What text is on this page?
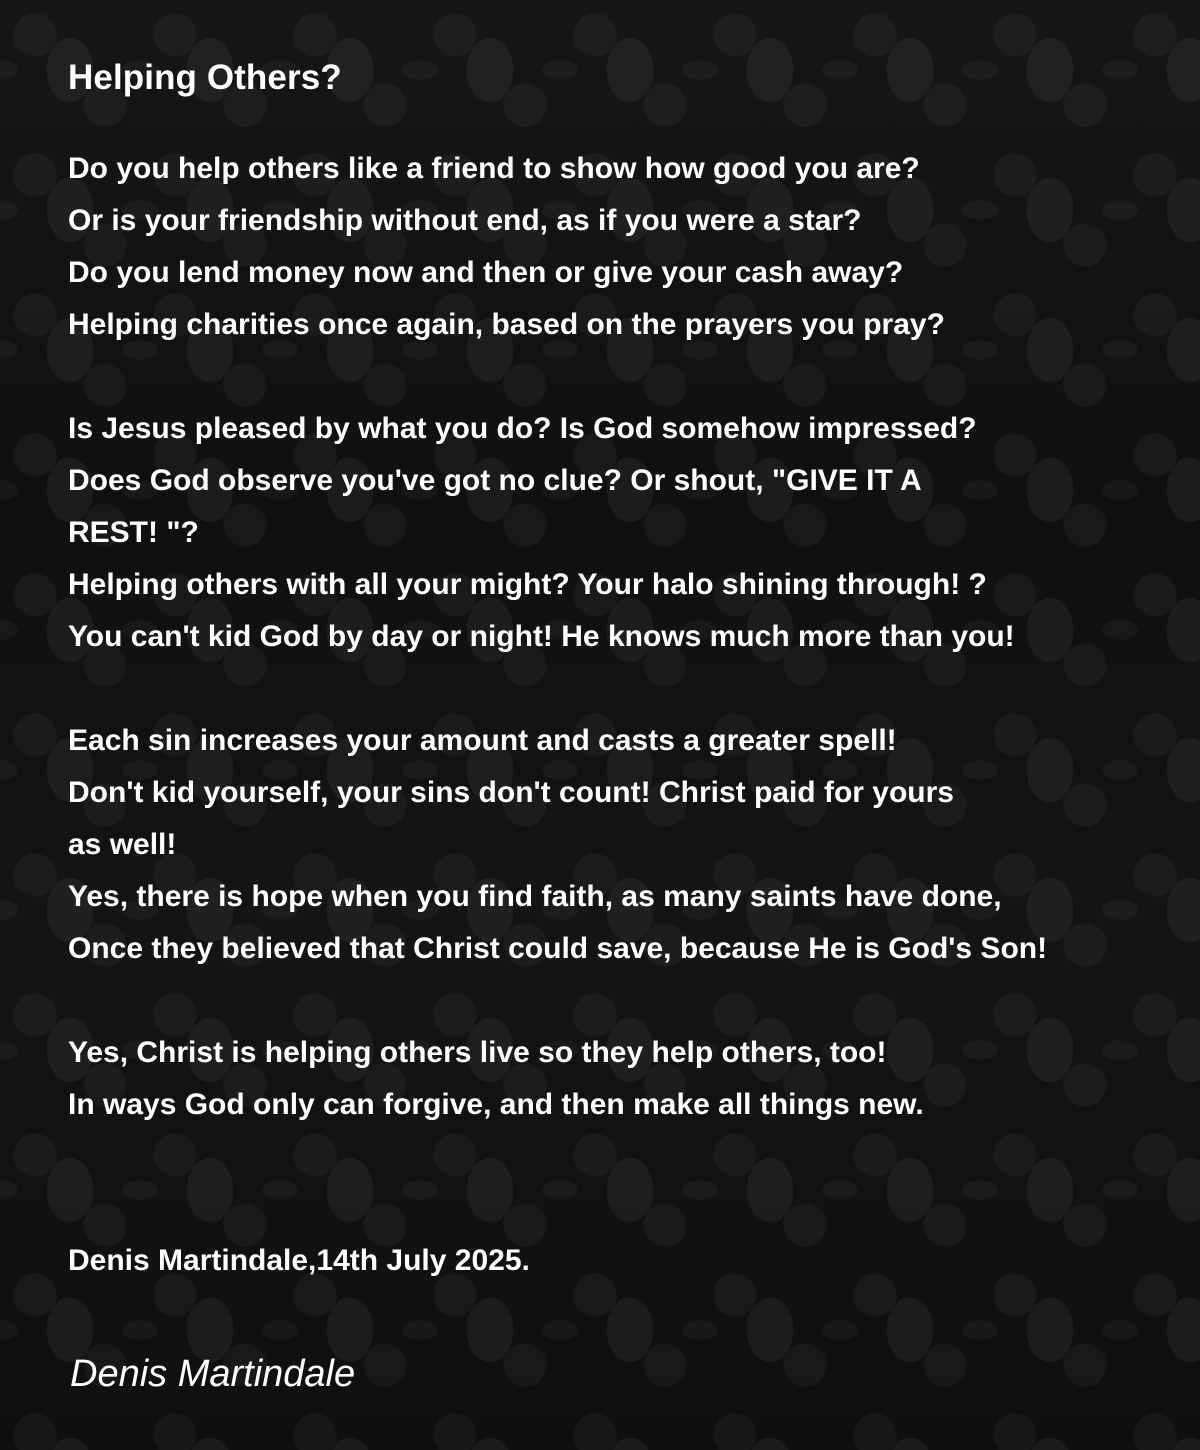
Helping Others?
Do you help others like a friend to show how good you are?
Or is your friendship without end, as if you were a star?
Do you lend money now and then or give your cash away?
Helping charities once again, based on the prayers you pray?
Is Jesus pleased by what you do? Is God somehow impressed?
Does God observe you've got no clue? Or shout, "GIVE IT A
REST! "?
Helping others with all your might? Your halo shining through! ?
You can't kid God by day or night! He knows much more than you!
Each sin increases your amount and casts a greater spell!
Don't kid yourself, your sins don't count! Christ paid for yours
as well!
Yes, there is hope when you find faith, as many saints have done,
Once they believed that Christ could save, because He is God's Son!
Yes, Christ is helping others live so they help others, too!
In ways God only can forgive, and then make all things new.
Denis Martindale,14th July 2025.
Denis Martindale
